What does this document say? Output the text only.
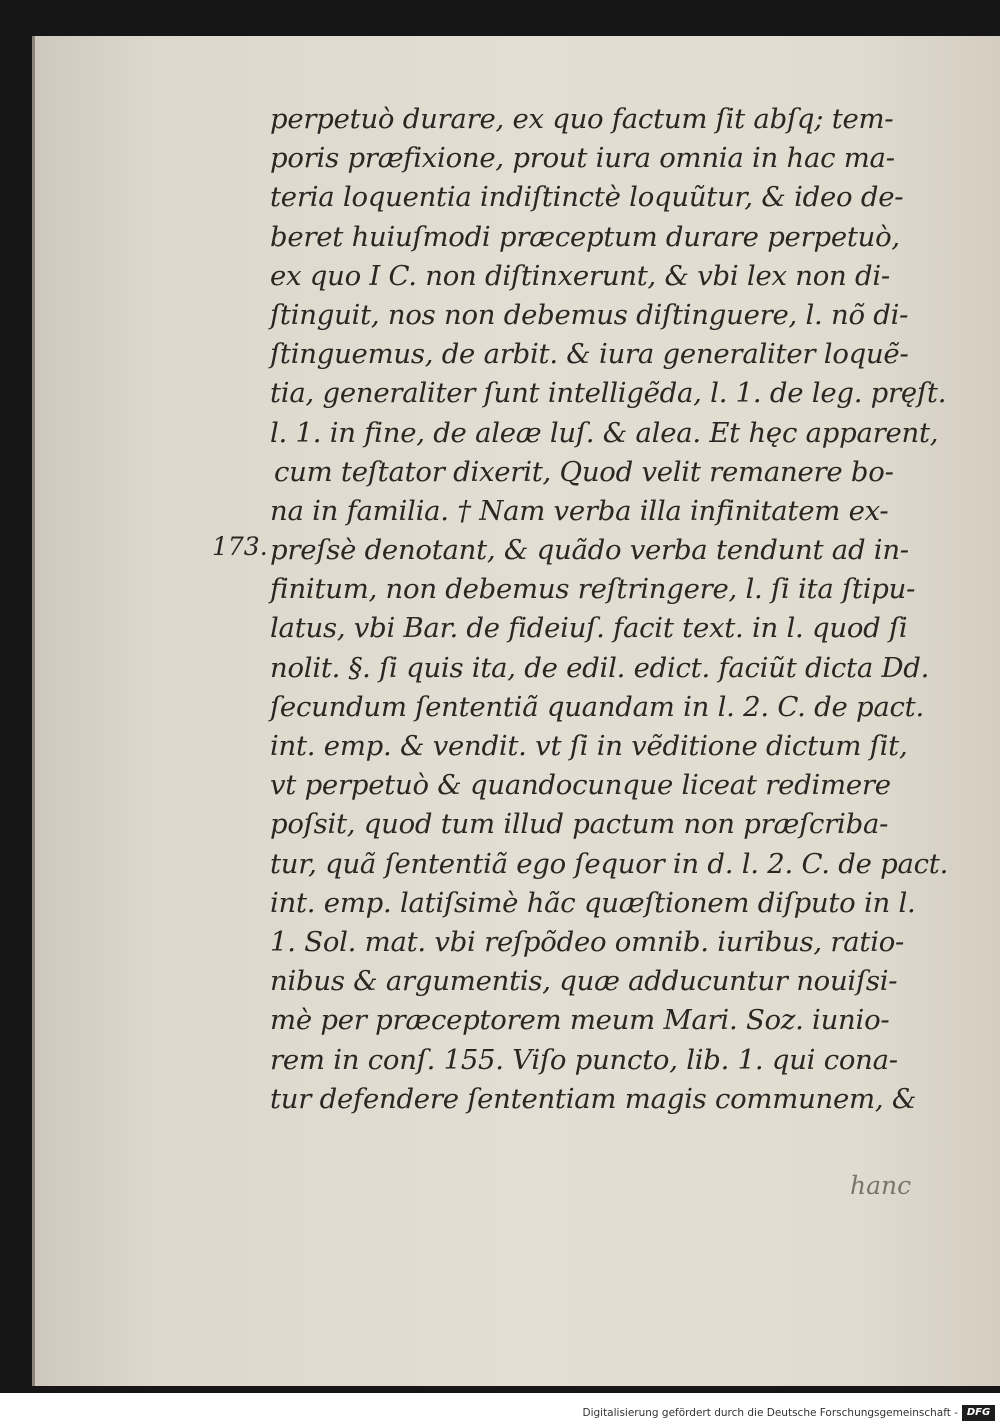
173.
perpetuò durare, ex quo factum ſit abſq; tem-
poris præfixione, prout iura omnia in hac ma-
teria loquentia indiſtinctè loquũtur, & ideo de-
beret huiuſmodi præceptum durare perpetuò,
ex quo I C. non diſtinxerunt, & vbi lex non di-
ſtinguit, nos non debemus diſtinguere, l. nõ di-
ſtinguemus, de arbit. & iura generaliter loquẽ-
tia, generaliter ſunt intelligẽda, l. 1. de leg. pręſt.
l. 1. in fine, de aleæ luſ. & alea. Et hęc apparent,
cum teſtator dixerit, Quod velit remanere bo-
na in familia. † Nam verba illa infinitatem ex-
preſsè denotant, & quãdo verba tendunt ad in-
finitum, non debemus reſtringere, l. ſi ita ſtipu-
latus, vbi Bar. de fideiuſ. facit text. in l. quod ſi
nolit. §. ſi quis ita, de edil. edict. faciũt dicta Dd.
ſecundum ſententiã quandam in l. 2. C. de pact.
int. emp. & vendit. vt ſi in vẽditione dictum ſit,
vt perpetuò & quandocunque liceat redimere
poſsit, quod tum illud pactum non præſcriba-
tur, quã ſententiã ego ſequor in d. l. 2. C. de pact.
int. emp. latiſsimè hãc quæſtionem diſputo in l.
1. Sol. mat. vbi reſpõdeo omnib. iuribus, ratio-
nibus & argumentis, quæ adducuntur nouiſsi-
mè per præceptorem meum Mari. Soz. iunio-
rem in conſ. 155. Viſo puncto, lib. 1. qui cona-
tur defendere ſententiam magis communem, &
hanc
Digitalisierung gefördert durch die Deutsche Forschungsgemeinschaft - DFG
